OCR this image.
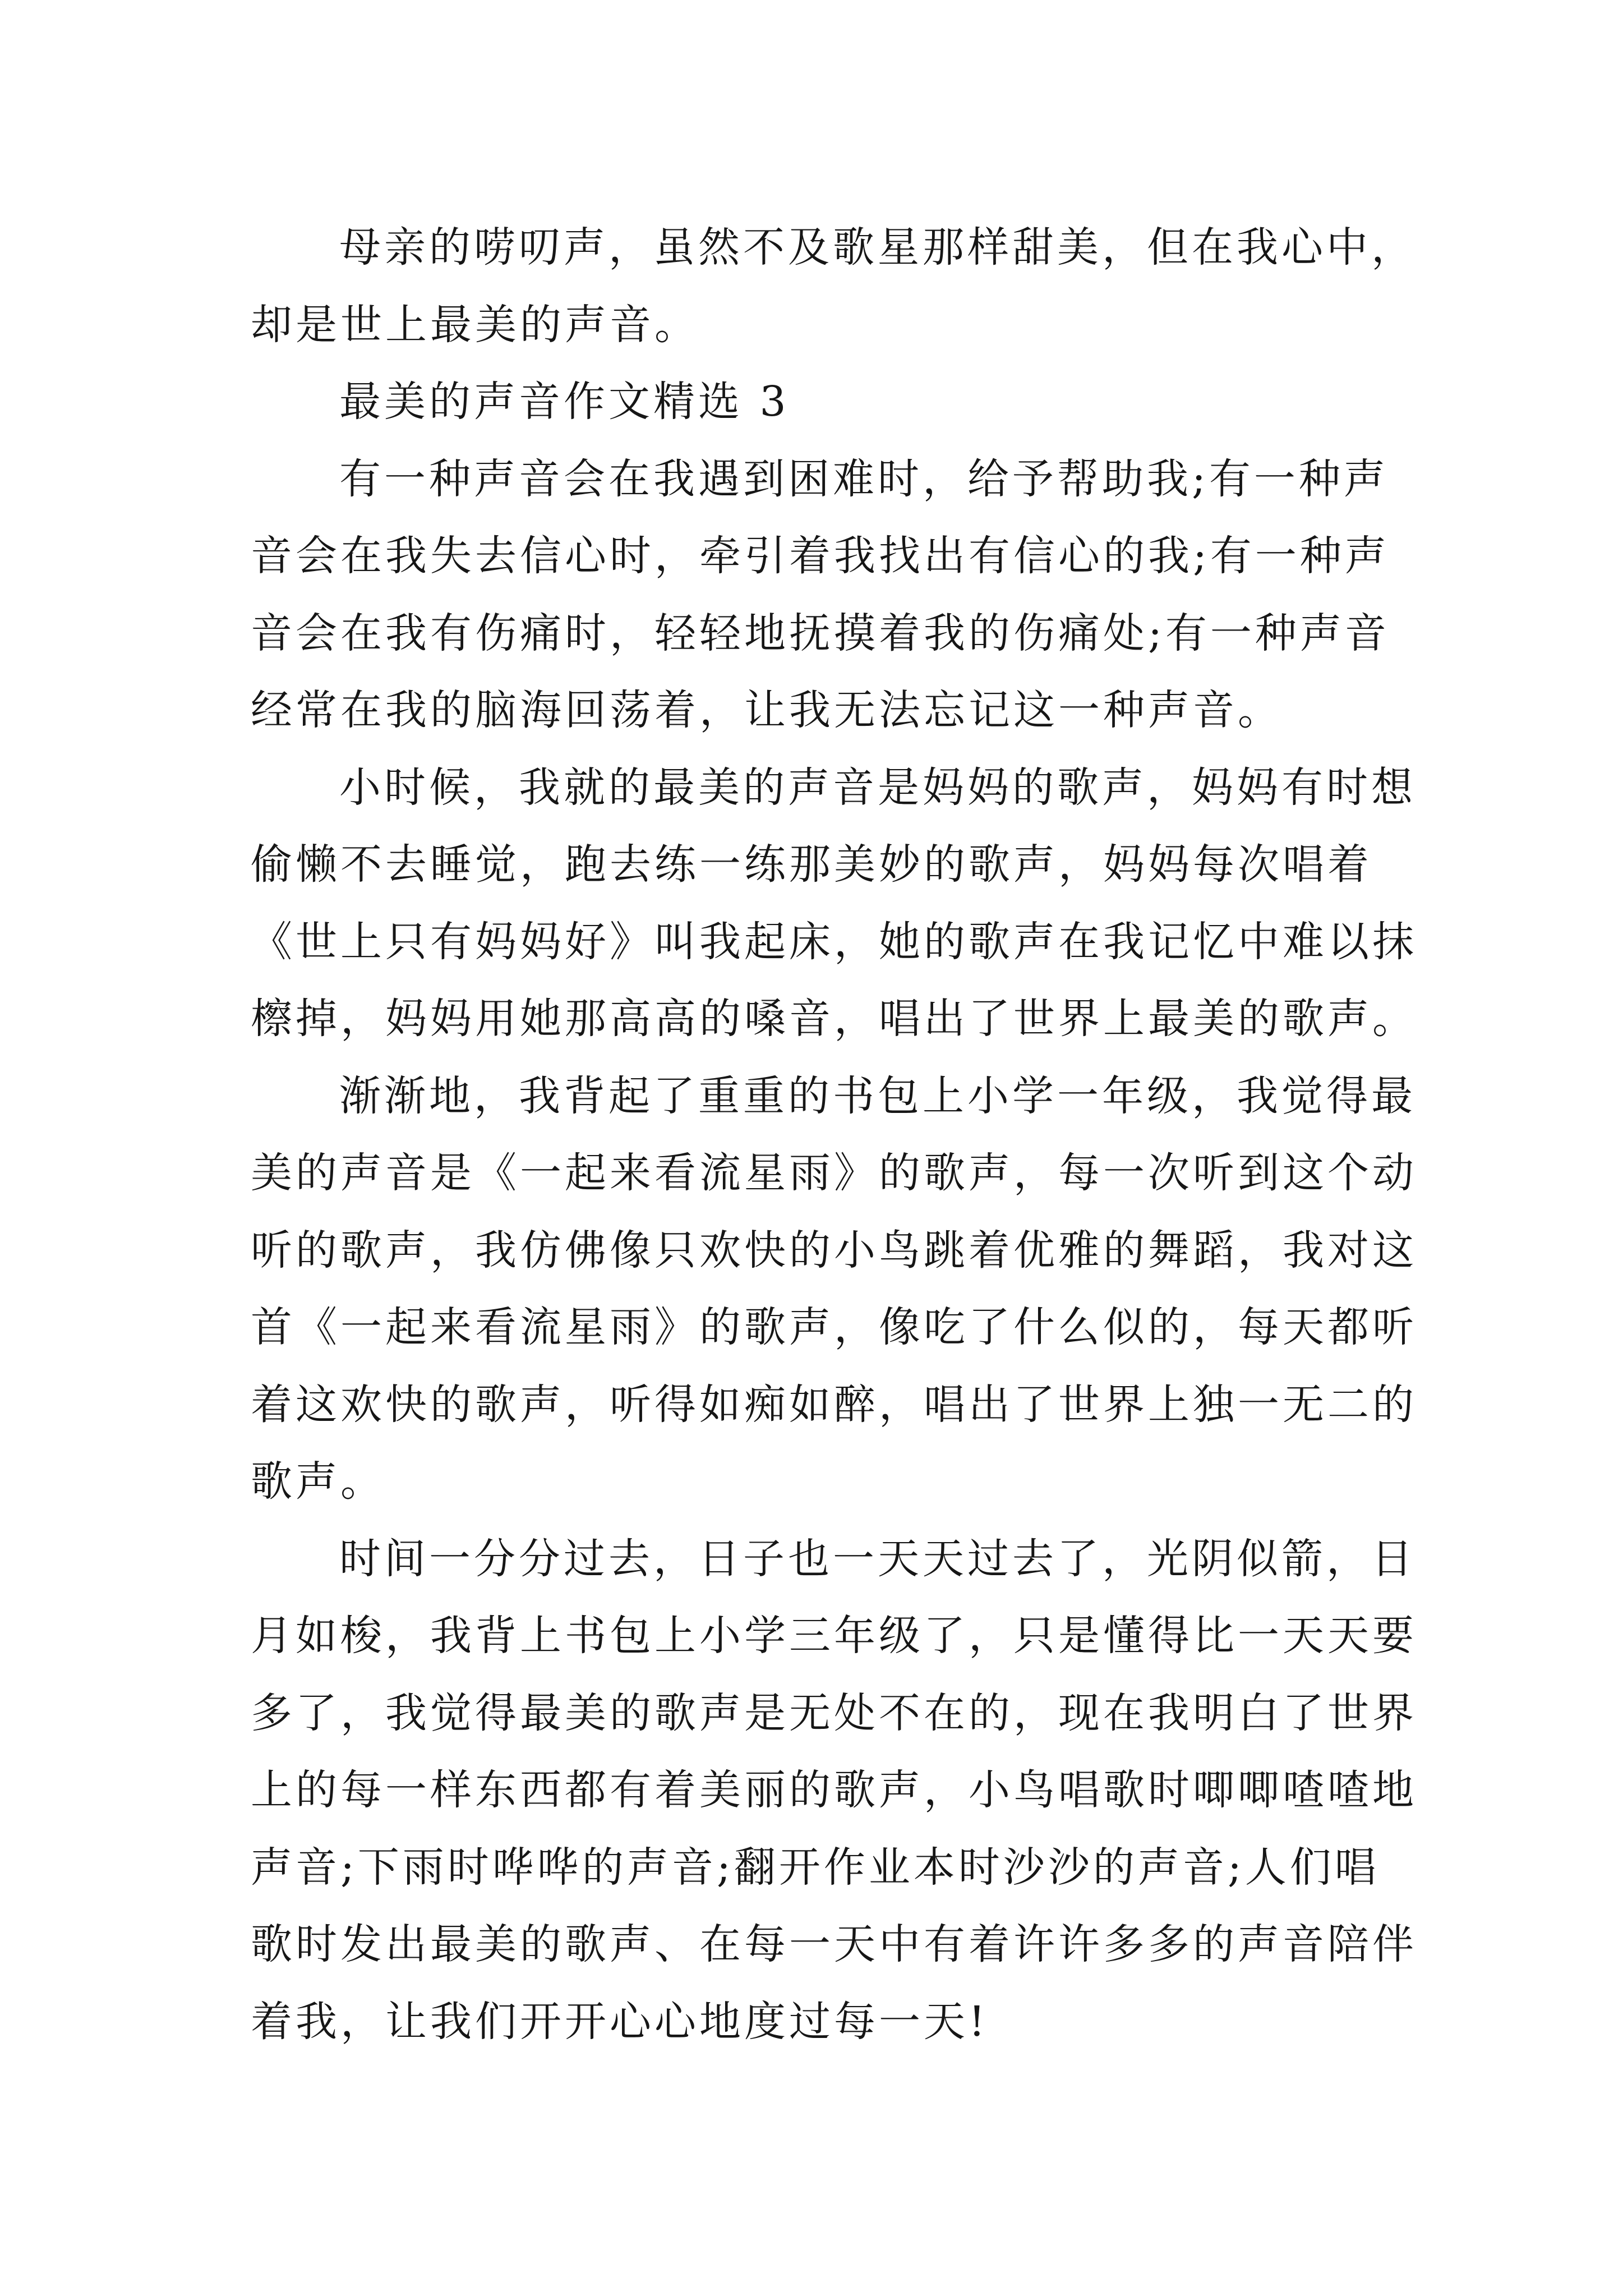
母亲的唠叨声，虽然不及歌星那样甜美，但在我心中，
却是世上最美的声音。
最美的声音作文精选 3
有一种声音会在我遇到困难时，给予帮助我;有一种声
音会在我失去信心时，牵引着我找出有信心的我;有一种声
音会在我有伤痛时，轻轻地抚摸着我的伤痛处;有一种声音
经常在我的脑海回荡着，让我无法忘记这一种声音。
小时候，我就的最美的声音是妈妈的歌声，妈妈有时想
偷懒不去睡觉，跑去练一练那美妙的歌声，妈妈每次唱着
《世上只有妈妈好》叫我起床，她的歌声在我记忆中难以抹
檫掉，妈妈用她那高高的嗓音，唱出了世界上最美的歌声。
渐渐地，我背起了重重的书包上小学一年级，我觉得最
美的声音是《一起来看流星雨》的歌声，每一次听到这个动
听的歌声，我仿佛像只欢快的小鸟跳着优雅的舞蹈，我对这
首《一起来看流星雨》的歌声，像吃了什么似的，每天都听
着这欢快的歌声，听得如痴如醉，唱出了世界上独一无二的
歌声。
时间一分分过去，日子也一天天过去了，光阴似箭，日
月如梭，我背上书包上小学三年级了，只是懂得比一天天要
多了，我觉得最美的歌声是无处不在的，现在我明白了世界
上的每一样东西都有着美丽的歌声，小鸟唱歌时唧唧喳喳地
声音;下雨时哗哗的声音;翻开作业本时沙沙的声音;人们唱
歌时发出最美的歌声、在每一天中有着许许多多的声音陪伴
着我，让我们开开心心地度过每一天!
